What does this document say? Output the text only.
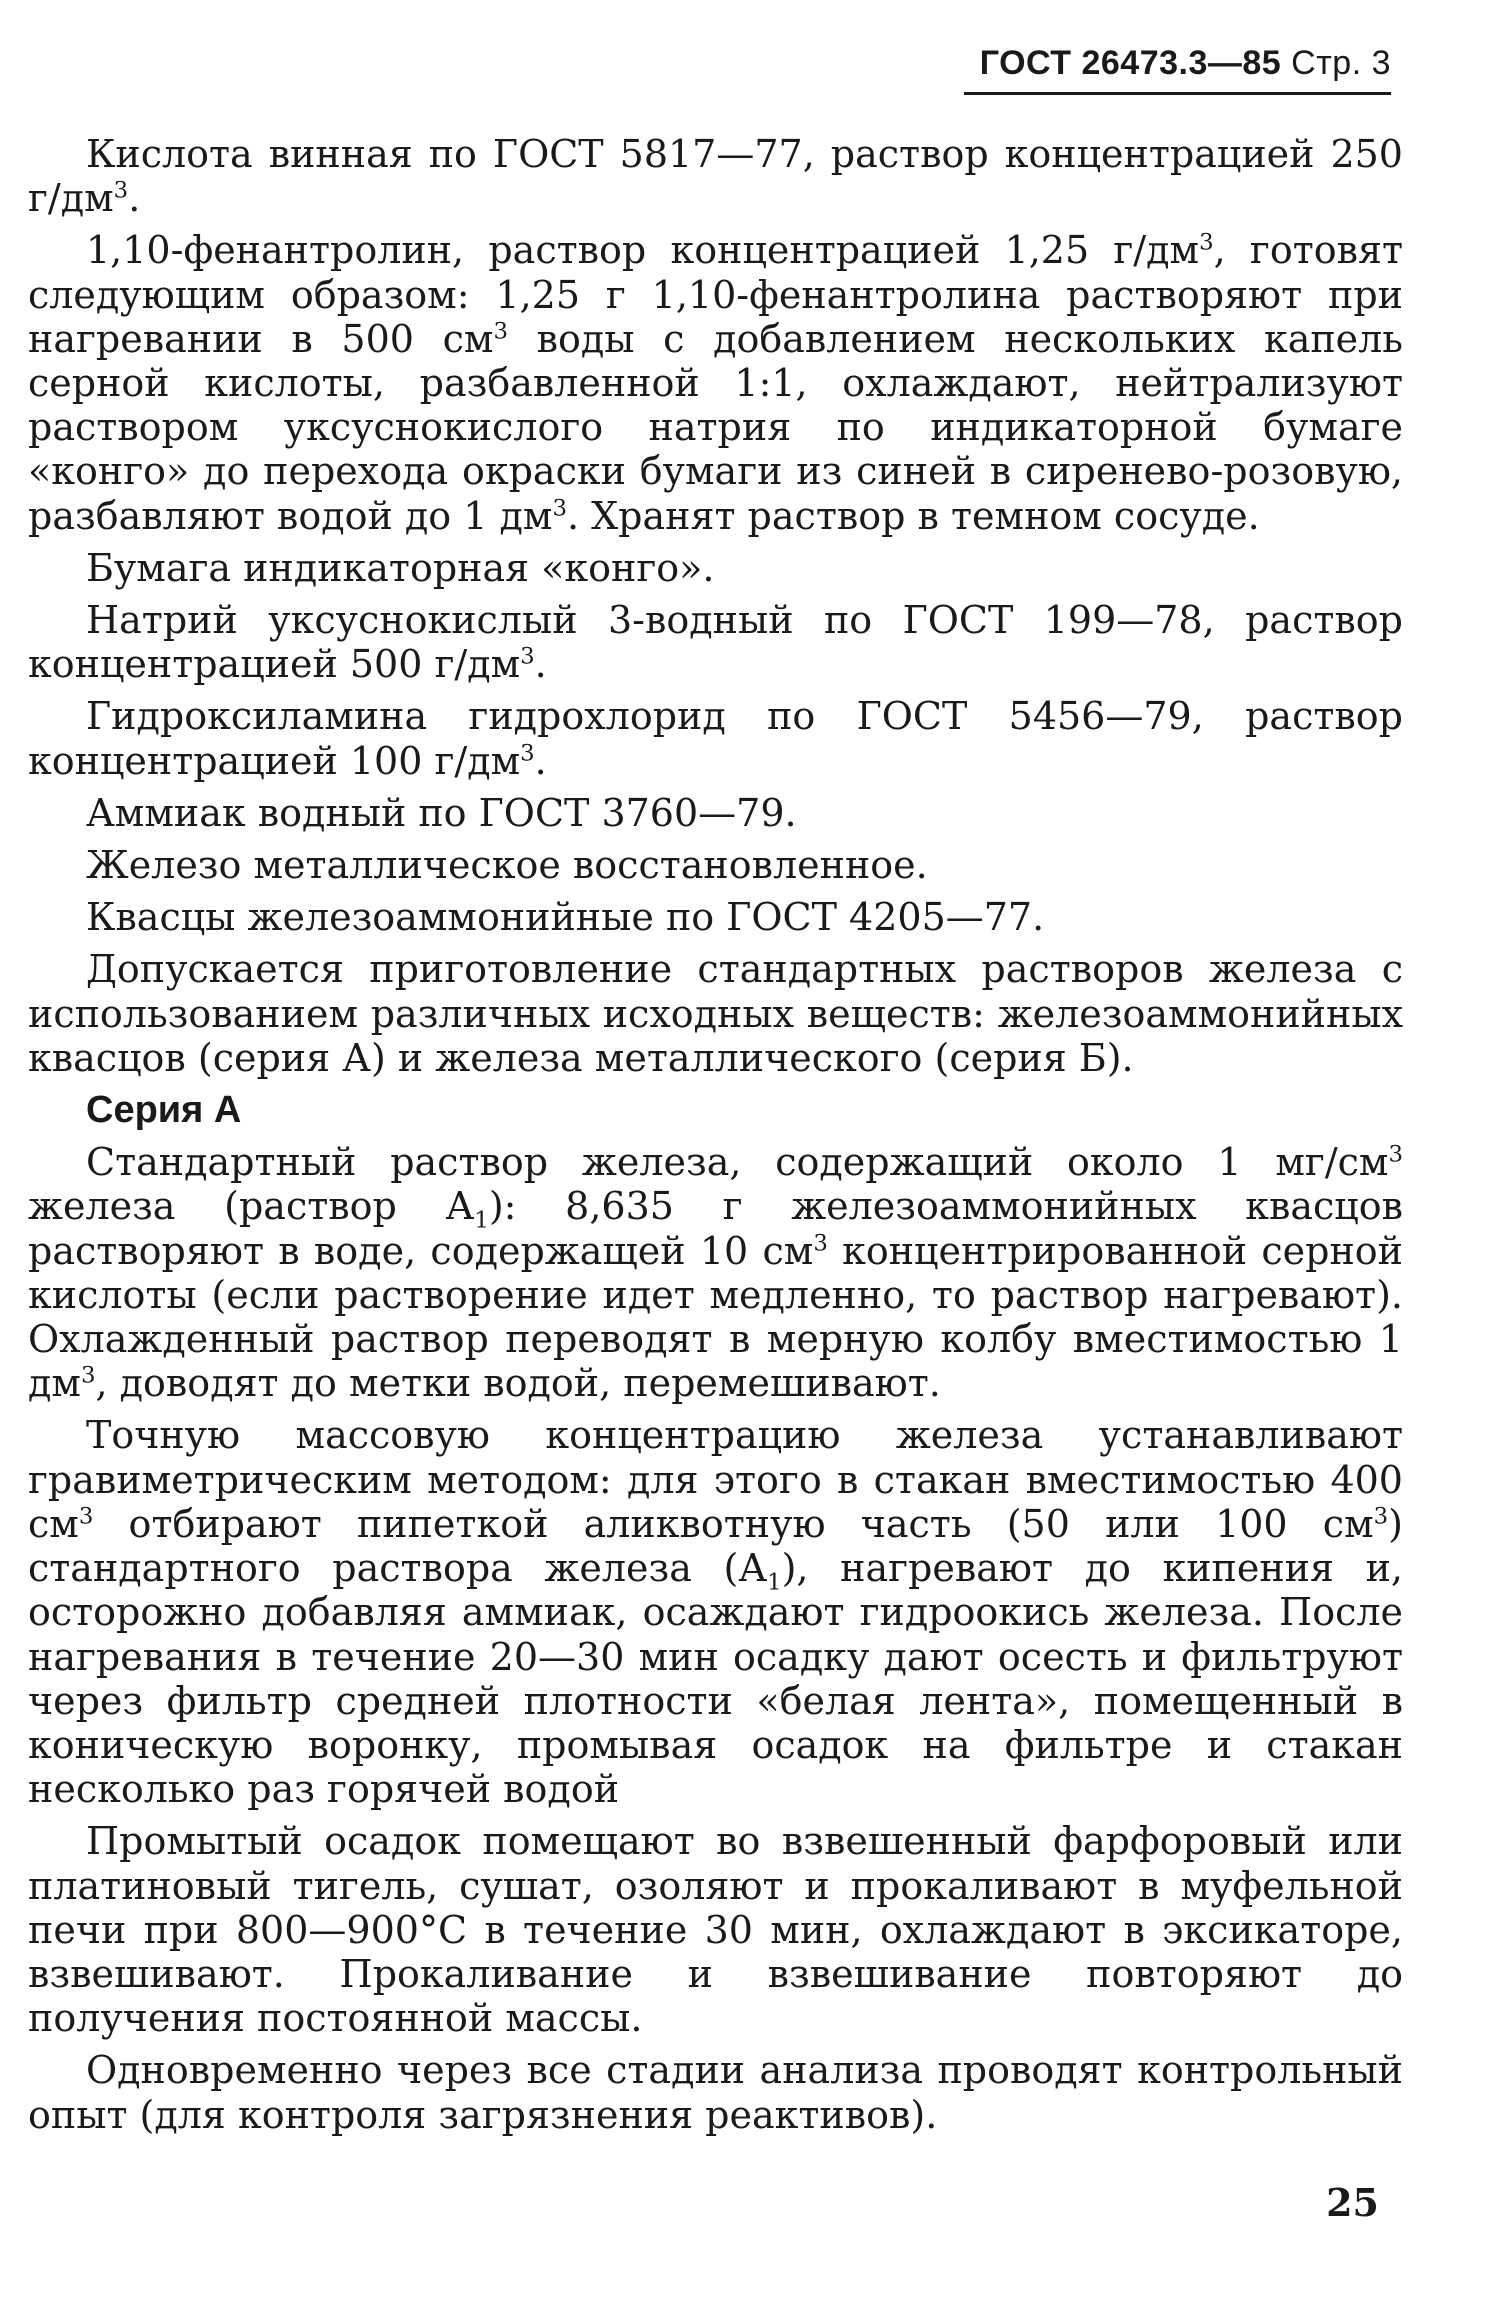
ГОСТ 26473.3—85 Стр. 3

Кислота винная по ГОСТ 5817—77, раствор концентрацией 250 $г/дм^3$.

1,10-фенантролин, раствор концентрацией 1,25 $г/дм^3$, готовят следующим образом: 1,25 г 1,10-фенантролина растворяют при нагревании в 500 $см^3$ воды с добавлением нескольких капель серной кислоты, разбавленной 1:1, охлаждают, нейтрализуют раствором уксуснокислого натрия по индикаторной бумаге «конго» до перехода окраски бумаги из синей в сиренево-розовую, разбавляют водой до 1 $дм^3$. Хранят раствор в темном сосуде.

Бумага индикаторная «конго».

Натрий уксуснокислый 3-водный по ГОСТ 199—78, раствор концентрацией 500 $г/дм^3$.

Гидроксиламина гидрохлорид по ГОСТ 5456—79, раствор концентрацией 100 $г/дм^3$.

Аммиак водный по ГОСТ 3760—79.

Железо металлическое восстановленное.

Квасцы железоаммонийные по ГОСТ 4205—77.

Допускается приготовление стандартных растворов железа с использованием различных исходных веществ: железоаммонийных квасцов (серия А) и железа металлического (серия Б).

Серия А

Стандартный раствор железа, содержащий около 1 $мг/см^3$ железа (раствор $А_1$): 8,635 г железоаммонийных квасцов растворяют в воде, содержащей 10 $см^3$ концентрированной серной кислоты (если растворение идет медленно, то раствор нагревают). Охлажденный раствор переводят в мерную колбу вместимостью 1 $дм^3$, доводят до метки водой, перемешивают.

Точную массовую концентрацию железа устанавливают гравиметрическим методом: для этого в стакан вместимостью 400 $см^3$ отбирают пипеткой аликвотную часть (50 или 100 $см^3$) стандартного раствора железа $(А_1)$, нагревают до кипения и, осторожно добавляя аммиак, осаждают гидроокись железа. После нагревания в течение 20—30 мин осадку дают осесть и фильтруют через фильтр средней плотности «белая лента», помещенный в коническую воронку, промывая осадок на фильтре и стакан несколько раз горячей водой

Промытый осадок помещают во взвешенный фарфоровый или платиновый тигель, сушат, озоляют и прокаливают в муфельной печи при 800—900°С в течение 30 мин, охлаждают в эксикаторе, взвешивают. Прокаливание и взвешивание повторяют до получения постоянной массы.

Одновременно через все стадии анализа проводят контрольный опыт (для контроля загрязнения реактивов).

25
